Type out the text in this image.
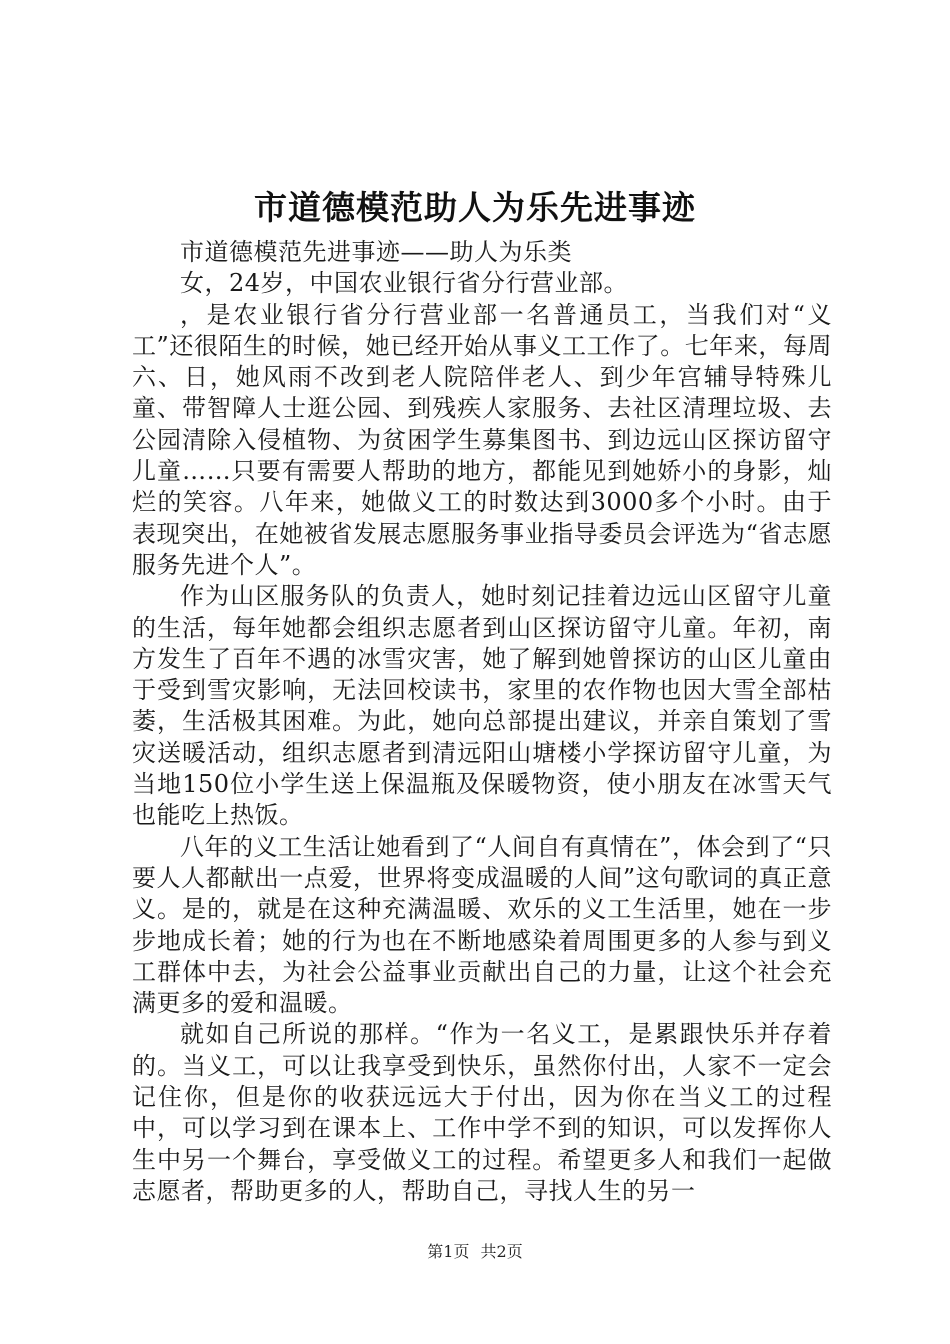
市道德模范助人为乐先进事迹

市道德模范先进事迹——助人为乐类

女，24岁，中国农业银行省分行营业部。

，是农业银行省分行营业部一名普通员工，当我们对“义工”还很陌生的时候，她已经开始从事义工工作了。七年来，每周六、日，她风雨不改到老人院陪伴老人、到少年宫辅导特殊儿童、带智障人士逛公园、到残疾人家服务、去社区清理垃圾、去公园清除入侵植物、为贫困学生募集图书、到边远山区探访留守儿童……只要有需要人帮助的地方，都能见到她娇小的身影，灿烂的笑容。八年来，她做义工的时数达到3000多个小时。由于表现突出，在她被省发展志愿服务事业指导委员会评选为“省志愿服务先进个人”。

作为山区服务队的负责人，她时刻记挂着边远山区留守儿童的生活，每年她都会组织志愿者到山区探访留守儿童。年初，南方发生了百年不遇的冰雪灾害，她了解到她曾探访的山区儿童由于受到雪灾影响，无法回校读书，家里的农作物也因大雪全部枯萎，生活极其困难。为此，她向总部提出建议，并亲自策划了雪灾送暖活动，组织志愿者到清远阳山塘楼小学探访留守儿童，为当地150位小学生送上保温瓶及保暖物资，使小朋友在冰雪天气也能吃上热饭。

八年的义工生活让她看到了“人间自有真情在”，体会到了“只要人人都献出一点爱，世界将变成温暖的人间”这句歌词的真正意义。是的，就是在这种充满温暖、欢乐的义工生活里，她在一步步地成长着；她的行为也在不断地感染着周围更多的人参与到义工群体中去，为社会公益事业贡献出自己的力量，让这个社会充满更多的爱和温暖。

就如自己所说的那样。“作为一名义工，是累跟快乐并存着的。当义工，可以让我享受到快乐，虽然你付出，人家不一定会记住你，但是你的收获远远大于付出，因为你在当义工的过程中，可以学习到在课本上、工作中学不到的知识，可以发挥你人生中另一个舞台，享受做义工的过程。希望更多人和我们一起做志愿者，帮助更多的人，帮助自己，寻找人生的另一

第1页 共2页
